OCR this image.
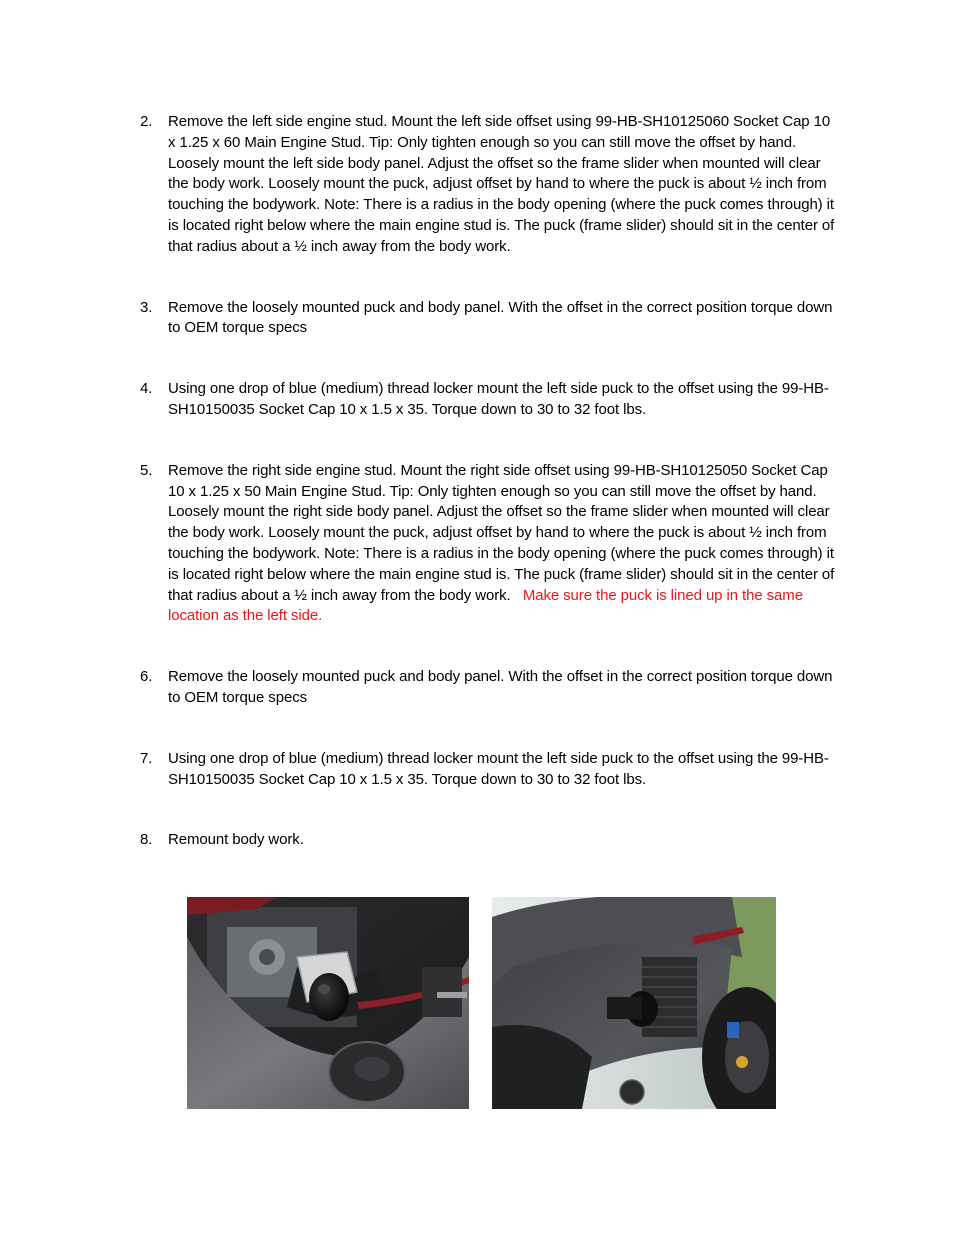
2. Remove the left side engine stud. Mount the left side offset using 99-HB-SH10125060 Socket Cap 10 x 1.25 x 60 Main Engine Stud. Tip: Only tighten enough so you can still move the offset by hand. Loosely mount the left side body panel. Adjust the offset so the frame slider when mounted will clear the body work. Loosely mount the puck, adjust offset by hand to where the puck is about ½ inch from touching the bodywork. Note: There is a radius in the body opening (where the puck comes through) it is located right below where the main engine stud is. The puck (frame slider) should sit in the center of that radius about a ½ inch away from the body work.
3. Remove the loosely mounted puck and body panel. With the offset in the correct position torque down to OEM torque specs
4. Using one drop of blue (medium) thread locker mount the left side puck to the offset using the 99-HB-SH10150035 Socket Cap 10 x 1.5 x 35. Torque down to 30 to 32 foot lbs.
5. Remove the right side engine stud. Mount the right side offset using 99-HB-SH10125050 Socket Cap 10 x 1.25 x 50 Main Engine Stud. Tip: Only tighten enough so you can still move the offset by hand. Loosely mount the right side body panel. Adjust the offset so the frame slider when mounted will clear the body work. Loosely mount the puck, adjust offset by hand to where the puck is about ½ inch from touching the bodywork. Note: There is a radius in the body opening (where the puck comes through) it is located right below where the main engine stud is. The puck (frame slider) should sit in the center of that radius about a ½ inch away from the body work. Make sure the puck is lined up in the same location as the left side.
6. Remove the loosely mounted puck and body panel. With the offset in the correct position torque down to OEM torque specs
7. Using one drop of blue (medium) thread locker mount the left side puck to the offset using the 99-HB-SH10150035 Socket Cap 10 x 1.5 x 35. Torque down to 30 to 32 foot lbs.
8. Remount body work.
